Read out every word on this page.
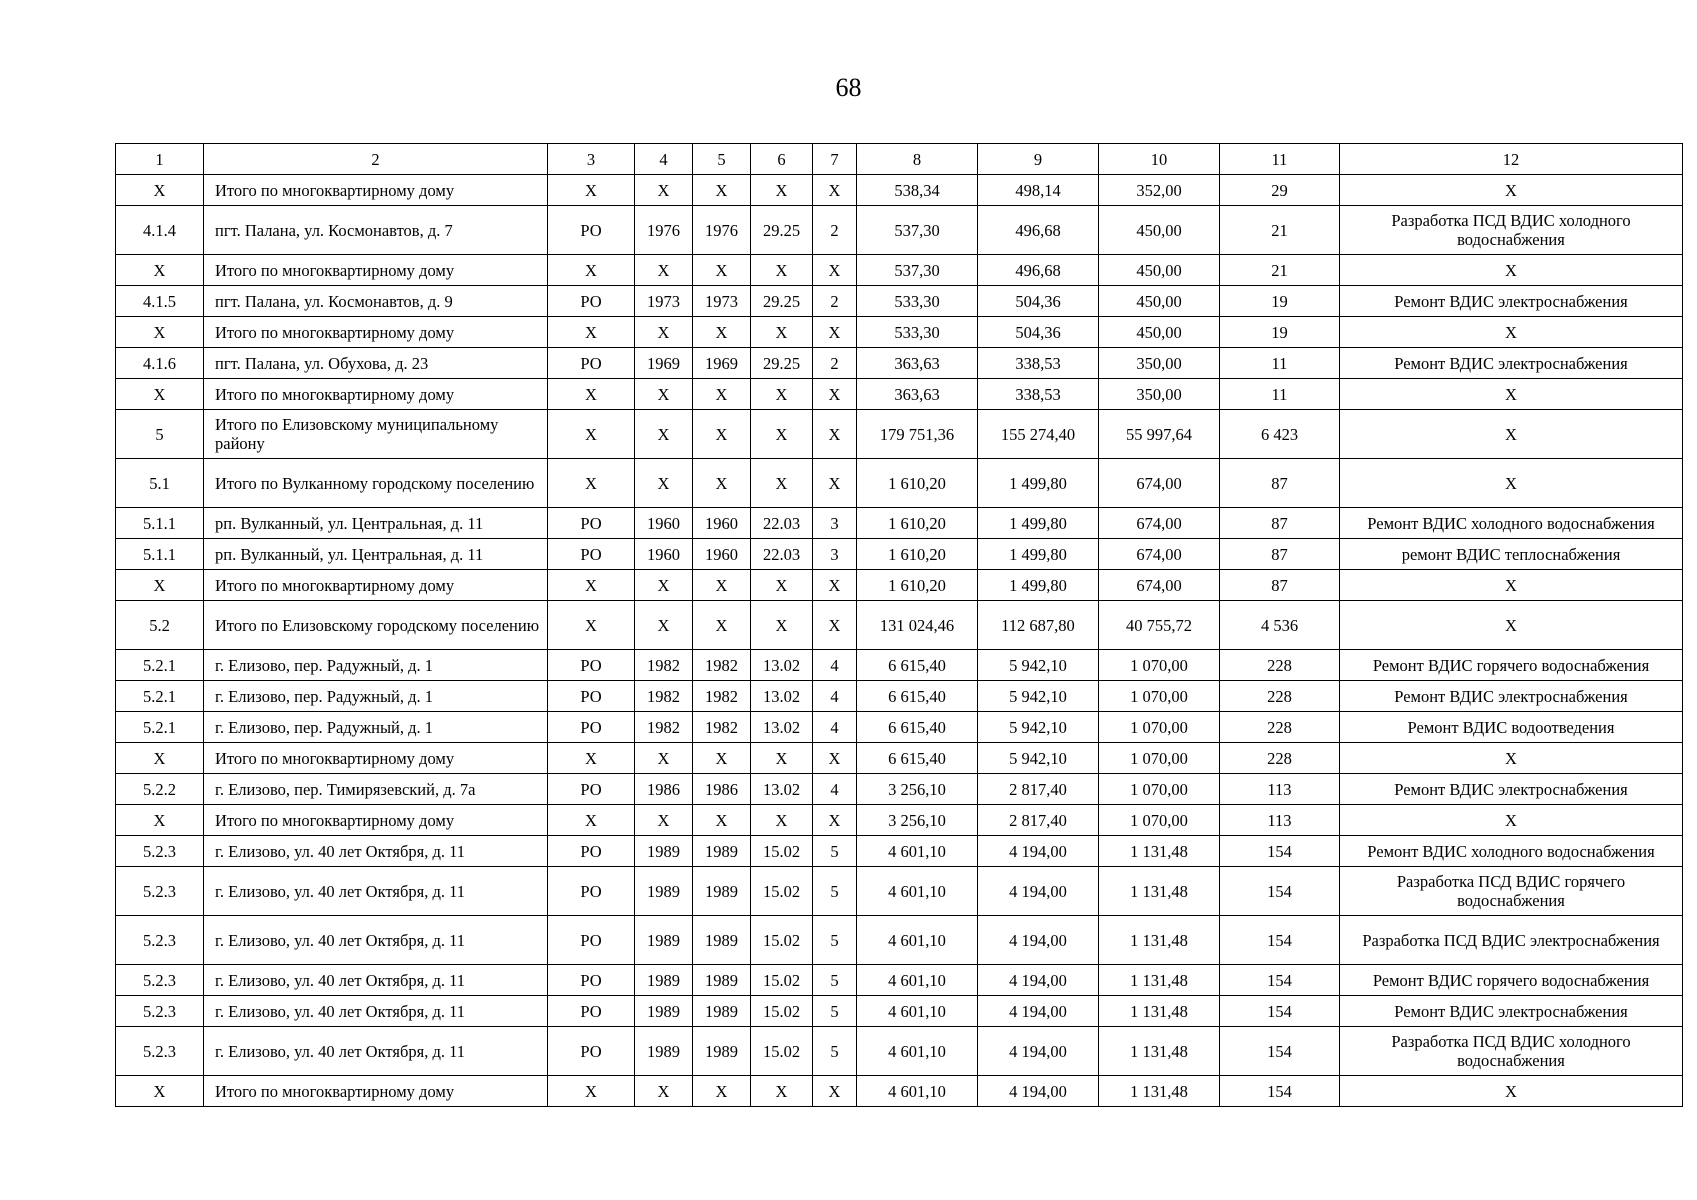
68
1	2	3	4	5	6	7	8	9	10	11	12
X	Итого по многоквартирному дому	X	X	X	X	X	538,34	498,14	352,00	29	X
4.1.4	пгт. Палана, ул. Космонавтов, д. 7	РО	1976	1976	29.25	2	537,30	496,68	450,00	21	Разработка ПСД ВДИС холодного водоснабжения
X	Итого по многоквартирному дому	X	X	X	X	X	537,30	496,68	450,00	21	X
4.1.5	пгт. Палана, ул. Космонавтов, д. 9	РО	1973	1973	29.25	2	533,30	504,36	450,00	19	Ремонт ВДИС электроснабжения
X	Итого по многоквартирному дому	X	X	X	X	X	533,30	504,36	450,00	19	X
4.1.6	пгт. Палана, ул. Обухова, д. 23	РО	1969	1969	29.25	2	363,63	338,53	350,00	11	Ремонт ВДИС электроснабжения
X	Итого по многоквартирному дому	X	X	X	X	X	363,63	338,53	350,00	11	X
5	Итого по Елизовскому муниципальному району	X	X	X	X	X	179 751,36	155 274,40	55 997,64	6 423	X
5.1	Итого по Вулканному городскому поселению	X	X	X	X	X	1 610,20	1 499,80	674,00	87	X
5.1.1	рп. Вулканный, ул. Центральная, д. 11	РО	1960	1960	22.03	3	1 610,20	1 499,80	674,00	87	Ремонт ВДИС холодного водоснабжения
5.1.1	рп. Вулканный, ул. Центральная, д. 11	РО	1960	1960	22.03	3	1 610,20	1 499,80	674,00	87	ремонт ВДИС теплоснабжения
X	Итого по многоквартирному дому	X	X	X	X	X	1 610,20	1 499,80	674,00	87	X
5.2	Итого по Елизовскому городскому поселению	X	X	X	X	X	131 024,46	112 687,80	40 755,72	4 536	X
5.2.1	г. Елизово, пер. Радужный, д. 1	РО	1982	1982	13.02	4	6 615,40	5 942,10	1 070,00	228	Ремонт ВДИС горячего водоснабжения
5.2.1	г. Елизово, пер. Радужный, д. 1	РО	1982	1982	13.02	4	6 615,40	5 942,10	1 070,00	228	Ремонт ВДИС электроснабжения
5.2.1	г. Елизово, пер. Радужный, д. 1	РО	1982	1982	13.02	4	6 615,40	5 942,10	1 070,00	228	Ремонт ВДИС водоотведения
X	Итого по многоквартирному дому	X	X	X	X	X	6 615,40	5 942,10	1 070,00	228	X
5.2.2	г. Елизово, пер. Тимирязевский, д. 7а	РО	1986	1986	13.02	4	3 256,10	2 817,40	1 070,00	113	Ремонт ВДИС электроснабжения
X	Итого по многоквартирному дому	X	X	X	X	X	3 256,10	2 817,40	1 070,00	113	X
5.2.3	г. Елизово, ул. 40 лет Октября, д. 11	РО	1989	1989	15.02	5	4 601,10	4 194,00	1 131,48	154	Ремонт ВДИС холодного водоснабжения
5.2.3	г. Елизово, ул. 40 лет Октября, д. 11	РО	1989	1989	15.02	5	4 601,10	4 194,00	1 131,48	154	Разработка ПСД ВДИС горячего водоснабжения
5.2.3	г. Елизово, ул. 40 лет Октября, д. 11	РО	1989	1989	15.02	5	4 601,10	4 194,00	1 131,48	154	Разработка ПСД ВДИС электроснабжения
5.2.3	г. Елизово, ул. 40 лет Октября, д. 11	РО	1989	1989	15.02	5	4 601,10	4 194,00	1 131,48	154	Ремонт ВДИС горячего водоснабжения
5.2.3	г. Елизово, ул. 40 лет Октября, д. 11	РО	1989	1989	15.02	5	4 601,10	4 194,00	1 131,48	154	Ремонт ВДИС электроснабжения
5.2.3	г. Елизово, ул. 40 лет Октября, д. 11	РО	1989	1989	15.02	5	4 601,10	4 194,00	1 131,48	154	Разработка ПСД ВДИС холодного водоснабжения
X	Итого по многоквартирному дому	X	X	X	X	X	4 601,10	4 194,00	1 131,48	154	X
